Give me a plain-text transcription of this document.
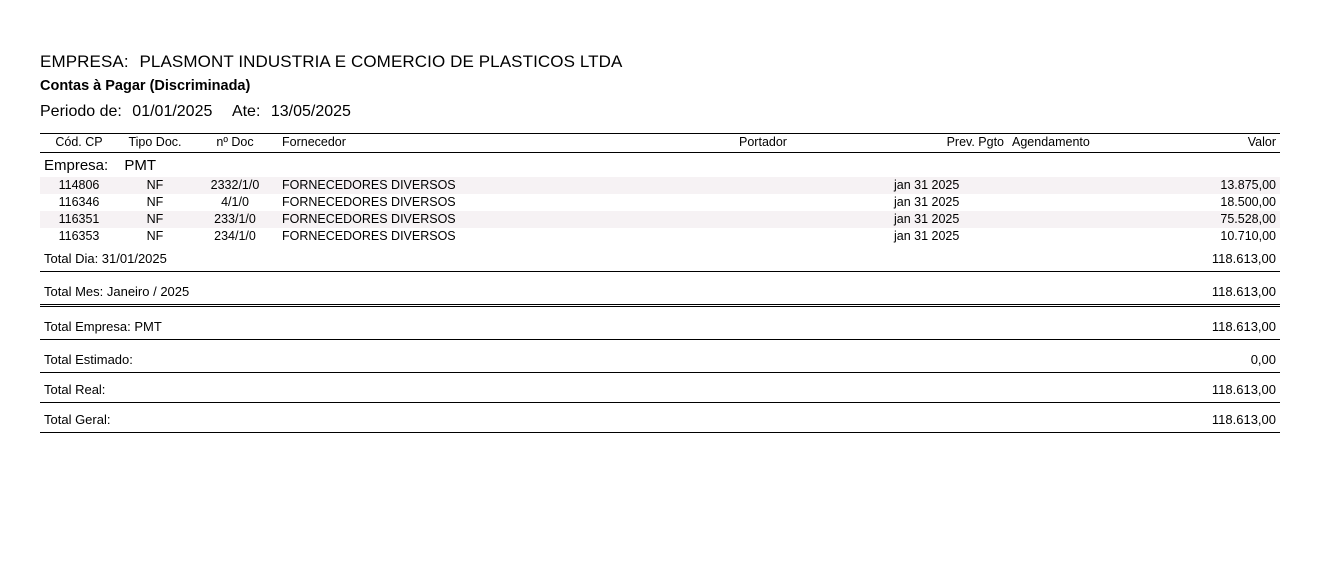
EMPRESA: PLASMONT INDUSTRIA E COMERCIO DE PLASTICOS LTDA
Contas à Pagar (Discriminada)
Periodo de: 01/01/2025 Ate: 13/05/2025
Cód. CP	Tipo Doc.	nº Doc	Fornecedor	Portador	Prev. Pgto	Agendamento	Valor
Empresa: PMT							
114806	NF	2332/1/0	FORNECEDORES DIVERSOS		jan 31 2025		13.875,00
116346	NF	4/1/0	FORNECEDORES DIVERSOS		jan 31 2025		18.500,00
116351	NF	233/1/0	FORNECEDORES DIVERSOS		jan 31 2025		75.528,00
116353	NF	234/1/0	FORNECEDORES DIVERSOS		jan 31 2025		10.710,00
Total Dia: 31/01/2025							118.613,00

Total Mes: Janeiro / 2025							118.613,00

Total Empresa: PMT							118.613,00

Total Estimado:							0,00

Total Real:							118.613,00

Total Geral:							118.613,00
